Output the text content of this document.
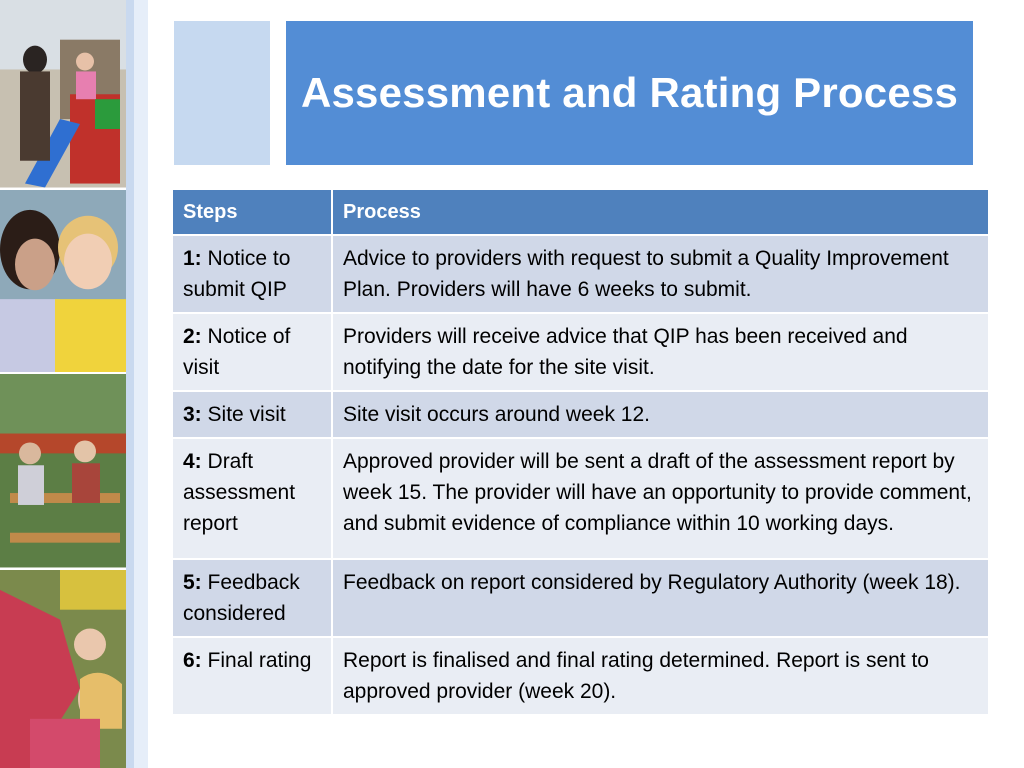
Assessment and Rating Process
Steps	Process
1: Notice to submit QIP	Advice to providers with request to submit a Quality Improvement Plan. Providers will have 6 weeks to submit.
2: Notice of visit	Providers will receive advice that QIP has been received and notifying the date for the site visit.
3: Site visit	Site visit occurs around week 12.
4: Draft assessment report	Approved provider will be sent a draft of the assessment report by week 15. The provider will have an opportunity to provide comment, and submit evidence of compliance within 10 working days.
5: Feedback considered	Feedback on report considered by Regulatory Authority (week 18).
6: Final rating	Report is finalised and final rating determined. Report is sent to approved provider (week 20).
